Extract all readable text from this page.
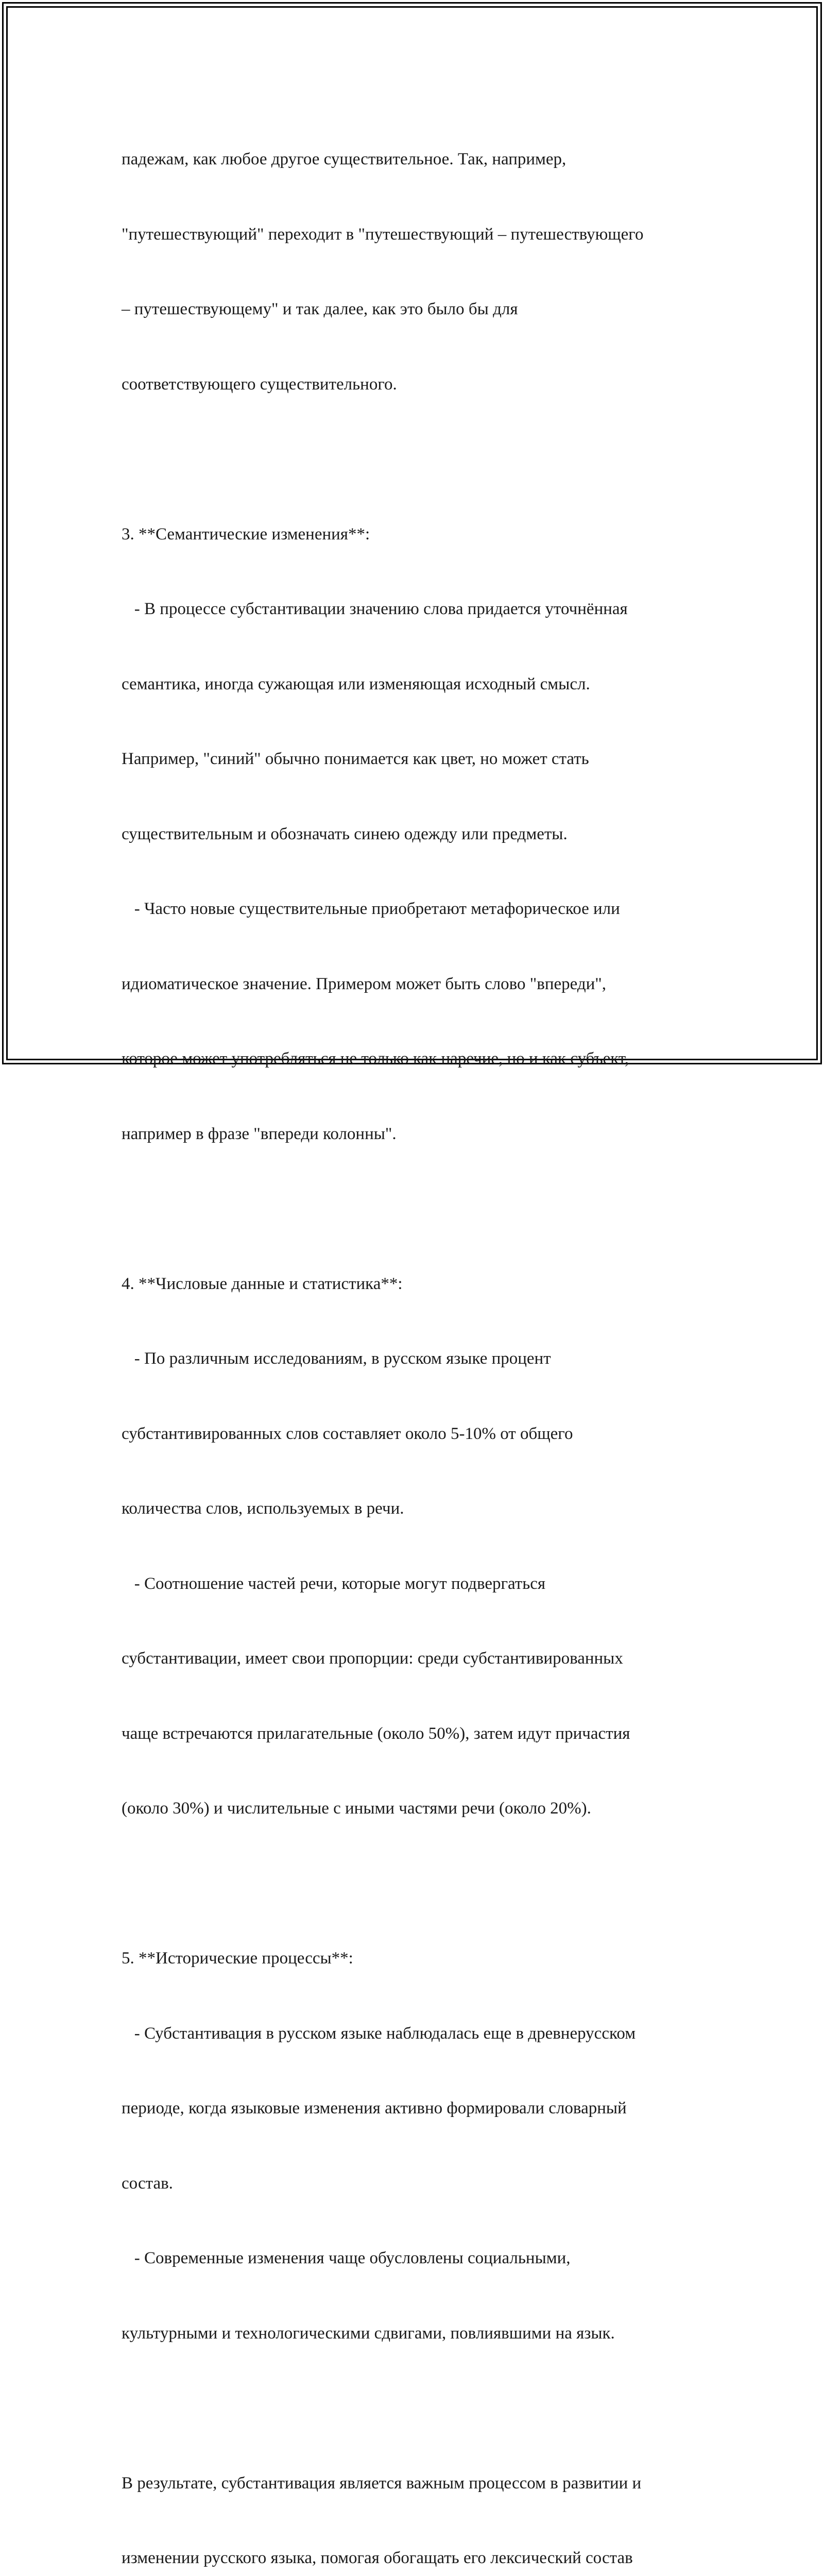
падежам, как любое другое существительное. Так, например,

"путешествующий" переходит в "путешествующий – путешествующего

– путешествующему" и так далее, как это было бы для

соответствующего существительного.

3. **Семантические изменения**:

- В процессе субстантивации значению слова придается уточнённая

семантика, иногда сужающая или изменяющая исходный смысл.

Например, "синий" обычно понимается как цвет, но может стать

существительным и обозначать синею одежду или предметы.

- Часто новые существительные приобретают метафорическое или

идиоматическое значение. Примером может быть слово "впереди",

которое может употребляться не только как наречие, но и как субъект,

например в фразе "впереди колонны".

4. **Числовые данные и статистика**:

- По различным исследованиям, в русском языке процент

субстантивированных слов составляет около 5-10% от общего

количества слов, используемых в речи.

- Соотношение частей речи, которые могут подвергаться

субстантивации, имеет свои пропорции: среди субстантивированных

чаще встречаются прилагательные (около 50%), затем идут причастия

(около 30%) и числительные с иными частями речи (около 20%).

5. **Исторические процессы**:

- Субстантивация в русском языке наблюдалась еще в древнерусском

периоде, когда языковые изменения активно формировали словарный

состав.

- Современные изменения чаще обусловлены социальными,

культурными и технологическими сдвигами, повлиявшими на язык.

В результате, субстантивация является важным процессом в развитии и

изменении русского языка, помогая обогащать его лексический состав
